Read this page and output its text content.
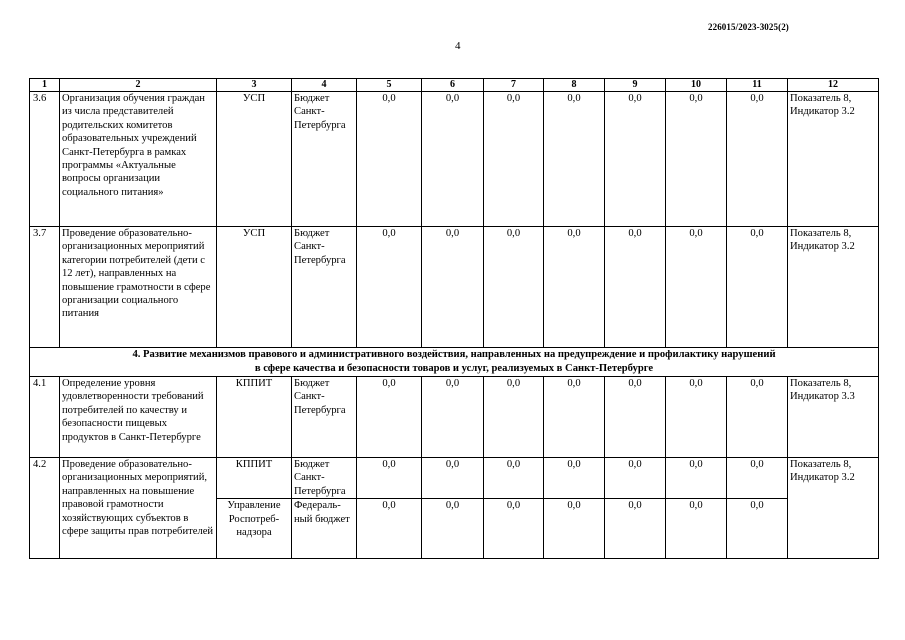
226015/2023-3025(2)
4
1	2	3	4	5	6	7	8	9	10	11	12
3.6	Организация обучения граждан из числа представителей родительских комитетов образовательных учреждений Санкт-Петербурга в рамках программы «Актуальные вопросы организации социального питания»	УСП	Бюджет Санкт-Петербурга	0,0	0,0	0,0	0,0	0,0	0,0	0,0	Показатель 8, Индикатор 3.2
3.7	Проведение образовательно-организационных мероприятий категории потребителей (дети с 12 лет), направленных на повышение грамотности в сфере организации социального питания	УСП	Бюджет Санкт-Петербурга	0,0	0,0	0,0	0,0	0,0	0,0	0,0	Показатель 8, Индикатор 3.2

4. Развитие механизмов правового и административного воздействия, направленных на предупреждение и профилактику нарушений
в сфере качества и безопасности товаров и услуг, реализуемых в Санкт-Петербурге											

4.1	Определение уровня удовлетворенности требований потребителей по качеству и безопасности пищевых продуктов в Санкт-Петербурге	КППИТ	Бюджет Санкт-Петербурга	0,0	0,0	0,0	0,0	0,0	0,0	0,0	Показатель 8, Индикатор 3.3
4.2	Проведение образовательно-организационных мероприятий, направленных на повышение правовой грамотности хозяйствующих субъектов в сфере защиты прав потребителей	КППИТ	Бюджет Санкт-Петербурга	0,0	0,0	0,0	0,0	0,0	0,0	0,0	Показатель 8, Индикатор 3.2
		Управление Роспотреб-надзора	Федераль-ный бюджет	0,0	0,0	0,0	0,0	0,0	0,0	0,0	
